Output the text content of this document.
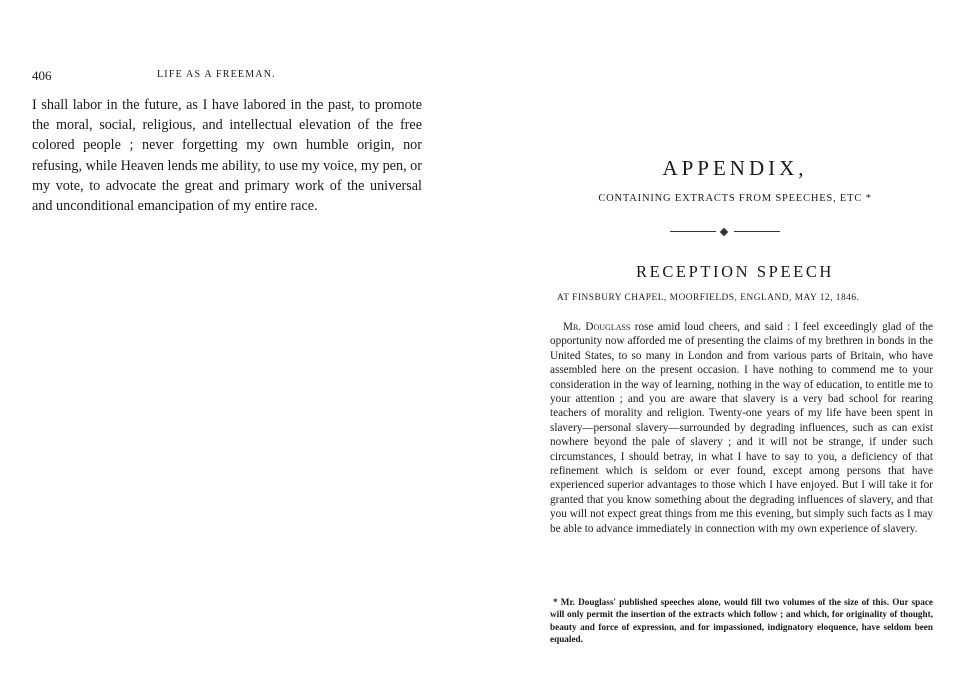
406	LIFE AS A FREEMAN.

I shall labor in the future, as I have labored in the past, to promote the moral, social, religious, and intellectual elevation of the free colored people ; never forgetting my own humble origin, nor refusing, while Heaven lends me ability, to use my voice, my pen, or my vote, to advocate the great and primary work of the universal and unconditional emancipation of my entire race.

APPENDIX,
CONTAINING EXTRACTS FROM SPEECHES, ETC *
RECEPTION SPEECH
AT FINSBURY CHAPEL, MOORFIELDS, ENGLAND, MAY 12, 1846.

Mr. Douglass rose amid loud cheers, and said : I feel exceedingly glad of the opportunity now afforded me of presenting the claims of my brethren in bonds in the United States, to so many in London and from various parts of Britain, who have assembled here on the present occasion. I have nothing to commend me to your consideration in the way of learning, nothing in the way of education, to entitle me to your attention ; and you are aware that slavery is a very bad school for rearing teachers of morality and religion. Twenty-one years of my life have been spent in slavery—personal slavery—surrounded by degrading influences, such as can exist nowhere beyond the pale of slavery ; and it will not be strange, if under such circumstances, I should betray, in what I have to say to you, a deficiency of that refinement which is seldom or ever found, except among persons that have experienced superior advantages to those which I have enjoyed. But I will take it for granted that you know something about the degrading influences of slavery, and that you will not expect great things from me this evening, but simply such facts as I may be able to advance immediately in connection with my own experience of slavery.

* Mr. Douglass' published speeches alone, would fill two volumes of the size of this. Our space will only permit the insertion of the extracts which follow ; and which, for originality of thought, beauty and force of expression, and for impassioned, indignatory eloquence, have seldom been equaled.
